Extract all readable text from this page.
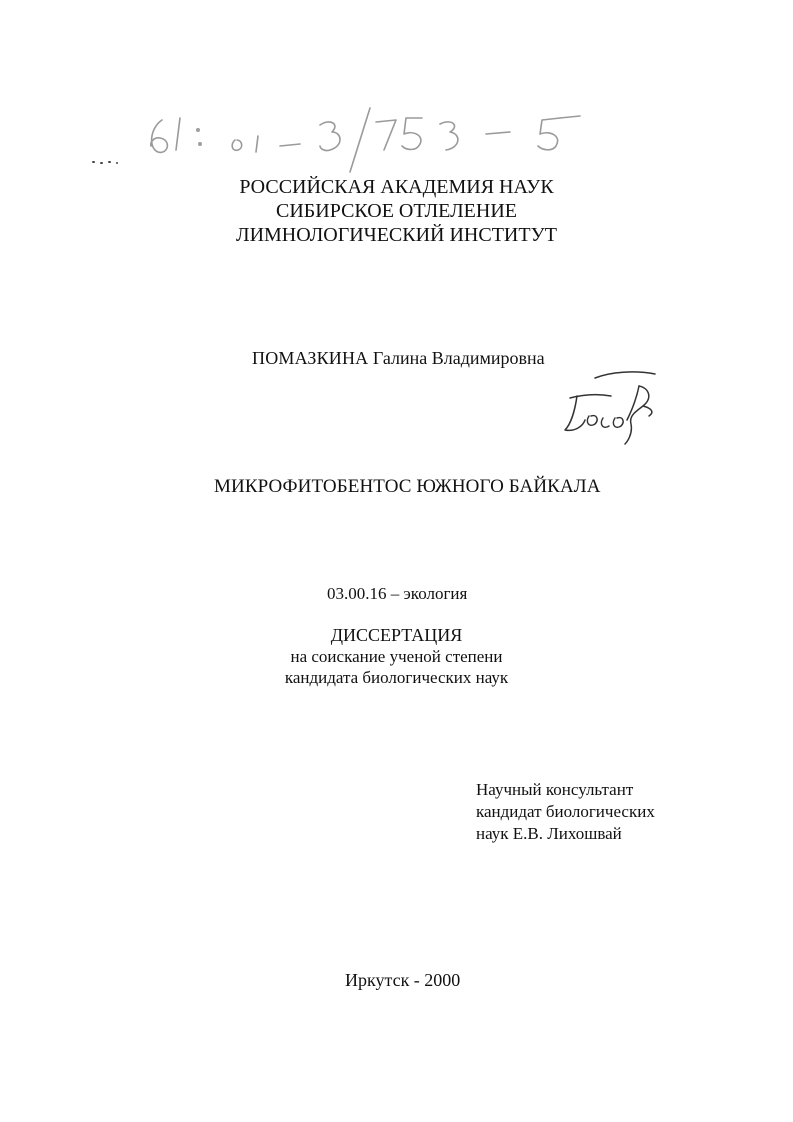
РОССИЙСКАЯ АКАДЕМИЯ НАУК
СИБИРСКОЕ ОТЛЕЛЕНИЕ
ЛИМНОЛОГИЧЕСКИЙ ИНСТИТУТ
ПОМАЗКИНА Галина Владимировна
МИКРОФИТОБЕНТОС ЮЖНОГО БАЙКАЛА
03.00.16 – экология
ДИССЕРТАЦИЯ
на соискание ученой степени
кандидата биологических наук
Научный консультант
кандидат биологических
наук Е.В. Лихошвай
Иркутск - 2000
